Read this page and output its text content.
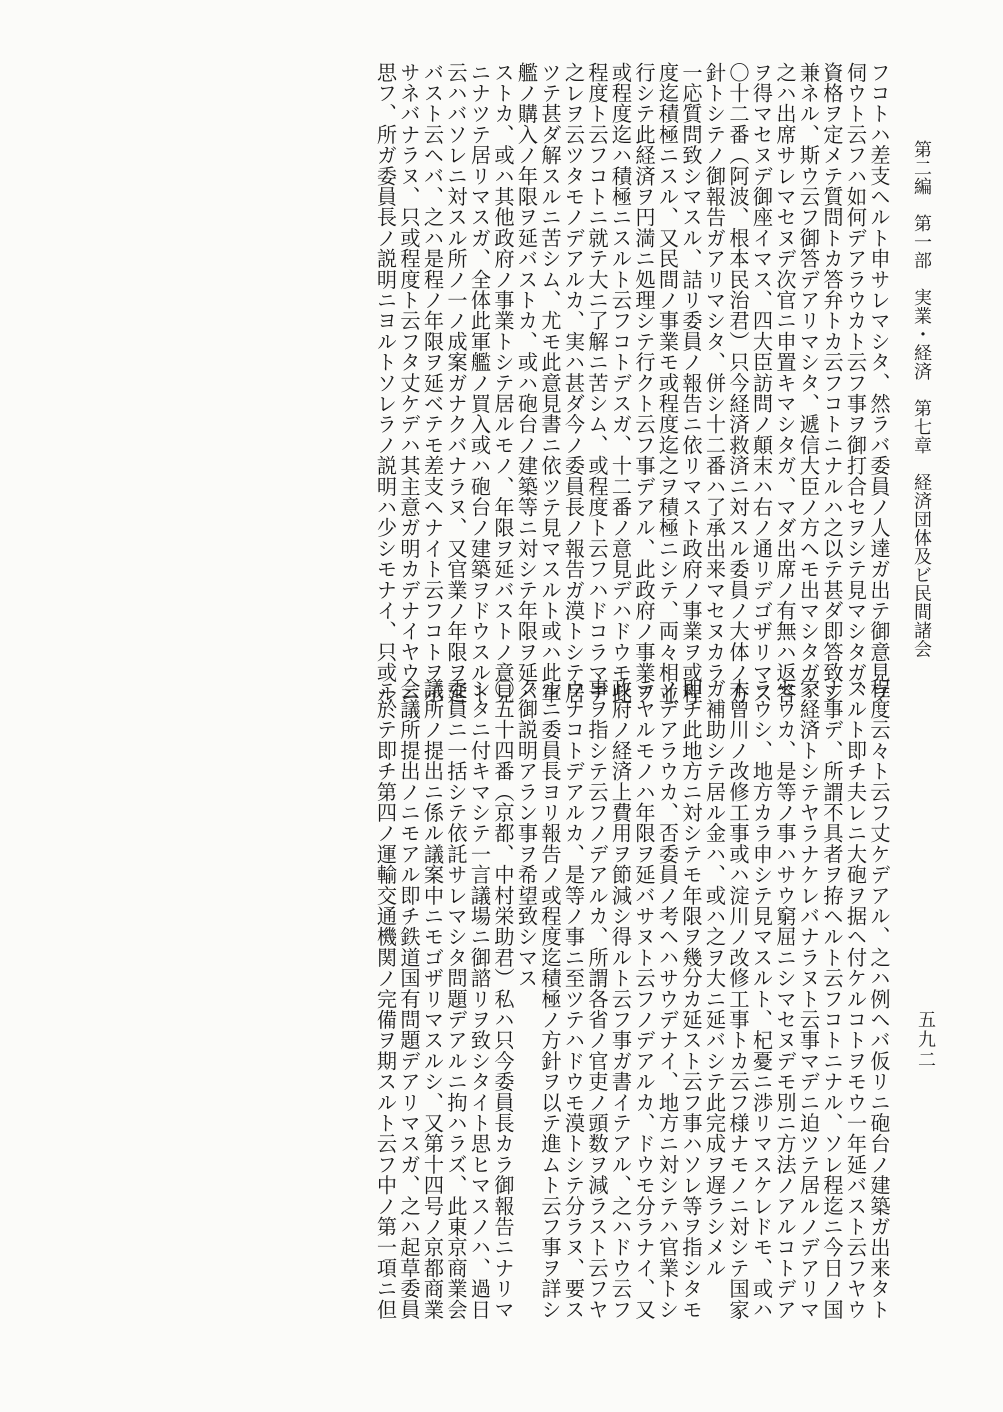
第二編　第一部　実業・経済　第七章　経済団体及ビ民間諸会
五九二
フコトハ差支ヘルト申サレマシタ、然ラバ委員ノ人達ガ出テ御意見ヲ
伺ウト云フハ如何デアラウカト云フ事ヲ御打合セヲシテ見マシタガ、
資格ヲ定メテ質問トカ答弁トカ云フコトニナルハ之以テ甚ダ即答致シ
兼ネル、斯ウ云フ御答デアリマシタ、遞信大臣ノ方ヘモ出マシタガ、
之ハ出席サレマセヌデ次官ニ申置キマシタガ、マダ出席ノ有無ハ返答
ヲ得マセヌデ御座イマス、四大臣訪問ノ顛末ハ右ノ通リデゴザリマス
〇十二番（阿波、根本民治君）只今経済救済ニ対スル委員ノ大体ノ方
針トシテノ御報告ガアリマシタ、併シ十二番ハ了承出来マセヌカラ
一応質問致シマスル、詰リ委員ノ報告ニ依リマスト政府ノ事業ヲ或程
度迄積極ニスル、又民間ノ事業モ或程度迄之ヲ積極ニシテ、両々相並
行シテ此経済ヲ円満ニ処理シテ行クト云フ事デアル、此政府ノ事業ヲ
或程度迄ハ積極ニスルト云フコトデスガ、十二番ノ意見デハドウモ此
程度ト云フコトニ就テ大ニ了解ニ苦シム、或程度ト云フハドコラマデ
之レヲ云ツタモノデアルカ、実ハ甚ダ今ノ委員長ノ報告ガ漠トシテ居
ツテ甚ダ解スルニ苦シム、尤モ此意見書ニ依ツテ見マスルト或ハ此軍
艦ノ購入ノ年限ヲ延バストカ、或ハ砲台ノ建築等ニ対シテ年限ヲ延バ
ストカ、或ハ其他政府ノ事業トシテ居ルモノ、年限ヲ延バストノ意見
ニナツテ居リマスガ、全体此軍艦ノ買入或ハ砲台ノ建築ヲドウスルト
云ハバソレニ対スル所ノ一ノ成案ガナクバナラヌ、又官業ノ年限ヲ延
バスト云ヘバ、之ハ是程ノ年限ヲ延ベテモ差支ヘナイト云フコトヲ示
サネバナラヌ、只或程度ト云フタ丈ケデハ其主意ガ明カデナイヤウニ
思フ、所ガ委員長ノ説明ニヨルトソレラノ説明ハ少シモナイ、只或ル
程度云々ト云フ丈ケデアル、之ハ例ヘバ仮リニ砲台ノ建築ガ出来タト
スルト即チ夫レニ大砲ヲ据ヘ付ケルコトヲモウ一年延バスト云フヤウ
ナ事デ、所謂不具者ヲ拵ヘルト云フコトニナル、ソレ程迄ニ今日ノ国
家経済トシテヤラナケレバナラヌト云事マデニ迫ツテ居ルノデアリマ
セウカ、是等ノ事ハサウ窮屈ニシマセヌデモ別ニ方法ノアルコトデア
ラウシ、地方カラ申シテ見マスルト、杞憂ニ渉リマスケレドモ、或ハ
木曾川ノ改修工事或ハ淀川ノ改修工事トカ云フ様ナモノニ対シテ国家
ガ補助シテ居ル金ハ、或ハ之ヲ大ニ延バシテ此完成ヲ遅ラシメル
即チ此地方ニ対シテモ年限ヲ幾分カ延スト云フ事ハソレ等ヲ指シタモ
ノデアラウカ、否委員ノ考ヘハサウデナイ、地方ニ対シテハ官業トシ
テヤルモノハ年限ヲ延バサヌト云フノデアルカ、ドウモ分ラナイ、又
政府ノ経済上費用ヲ節減シ得ルト云フ事ガ書イテアル、之ハドウ云フ
事ヲ指シテ云フノデアルカ、所謂各省ノ官吏ノ頭数ヲ減ラスト云フヤ
ウナコトデアルカ、是等ノ事ニ至ツテハドウモ漠トシテ分ラヌ、要ス
ルニ委員長ヨリ報告ノ或程度迄積極ノ方針ヲ以テ進ムト云フ事ヲ詳シ
ク御説明アラン事ヲ希望致シマス
〇五十四番（京都、中村栄助君）私ハ只今委員長カラ御報告ニナリマ
シタニ付キマシテ一言議場ニ御諮リヲ致シタイト思ヒマスノハ、過日
委員ニ一括シテ依託サレマシタ問題デアルニ拘ハラズ、此東京商業会
議所ノ提出ニ係ル議案中ニモゴザリマスルシ、又第十四号ノ京都商業
会議所提出ノニモアル即チ鉄道国有問題デアリマスガ、之ハ起草委員
ニ於テ即チ第四ノ運輸交通機関ノ完備ヲ期スルト云フ中ノ第一項ニ但
